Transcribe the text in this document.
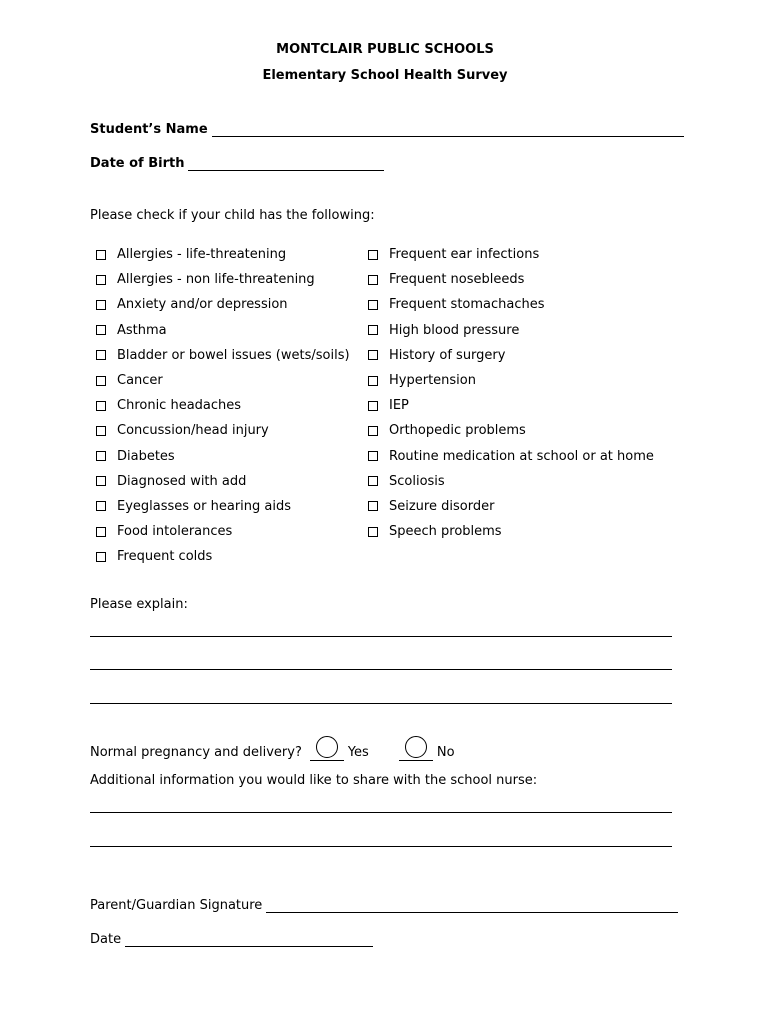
MONTCLAIR PUBLIC SCHOOLS
Elementary School Health Survey
Student’s Name
Date of Birth
Please check if your child has the following:
Allergies - life-threatening
Allergies - non life-threatening
Anxiety and/or depression
Asthma
Bladder or bowel issues (wets/soils)
Cancer
Chronic headaches
Concussion/head injury
Diabetes
Diagnosed with add
Eyeglasses or hearing aids
Food intolerances
Frequent colds
Frequent ear infections
Frequent nosebleeds
Frequent stomachaches
High blood pressure
History of surgery
Hypertension
IEP
Orthopedic problems
Routine medication at school or at home
Scoliosis
Seizure disorder
Speech problems
Please explain:
Normal pregnancy and delivery?	Yes	No
Additional information you would like to share with the school nurse:
Parent/Guardian Signature
Date
